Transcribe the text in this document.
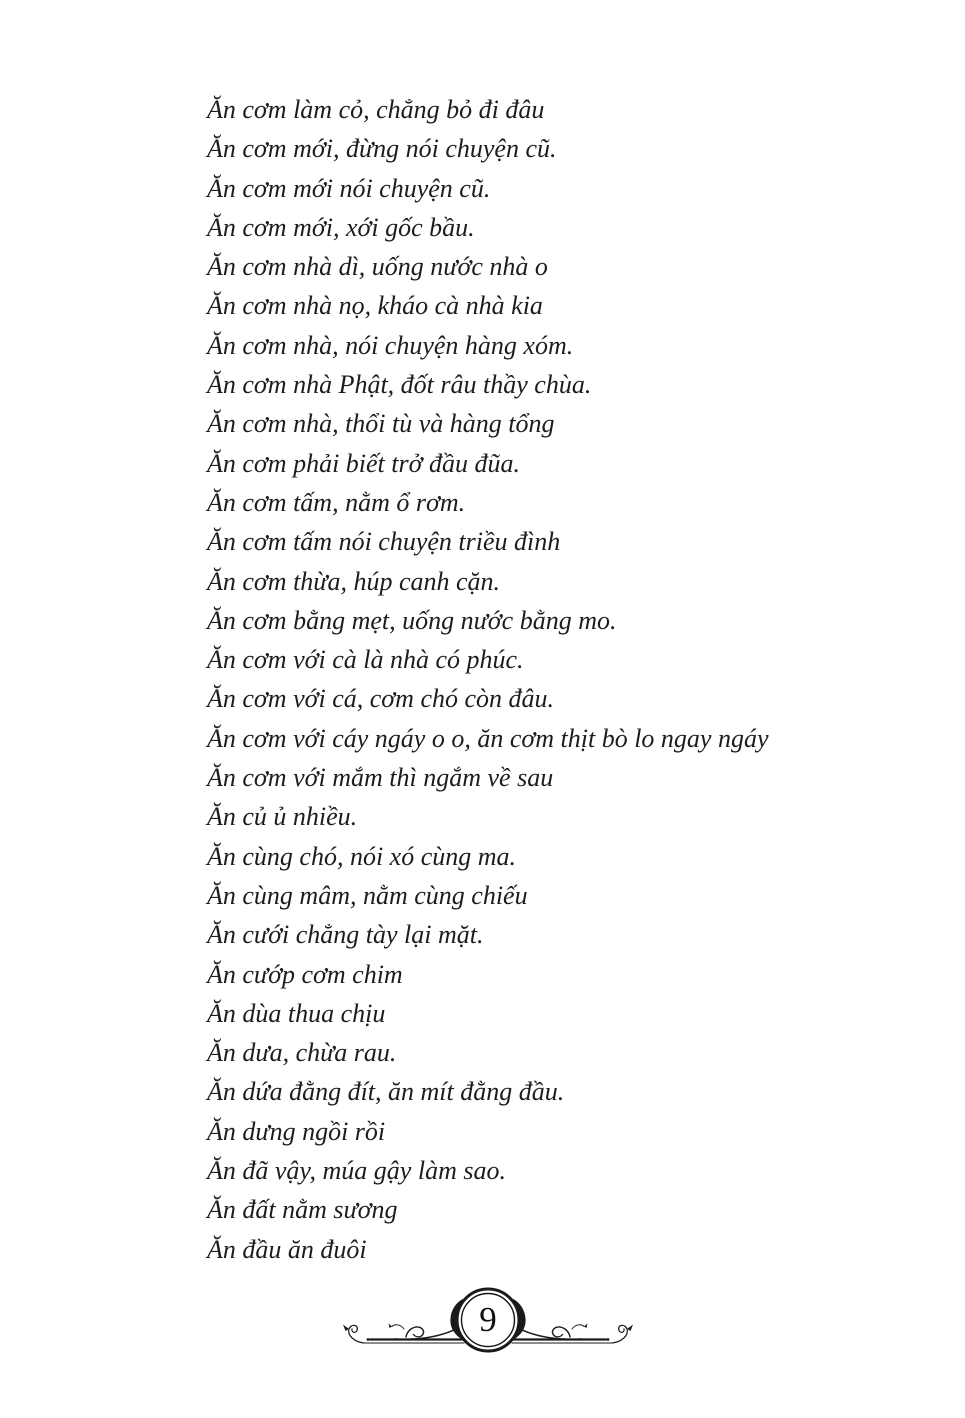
Ăn cơm làm cỏ, chẳng bỏ đi đâu
Ăn cơm mới, đừng nói chuyện cũ.
Ăn cơm mới nói chuyện cũ.
Ăn cơm mới, xới gốc bầu.
Ăn cơm nhà dì, uống nước nhà o
Ăn cơm nhà nọ, kháo cà nhà kia
Ăn cơm nhà, nói chuyện hàng xóm.
Ăn cơm nhà Phật, đốt râu thầy chùa.
Ăn cơm nhà, thổi tù và hàng tổng
Ăn cơm phải biết trở đầu đũa.
Ăn cơm tấm, nằm ổ rơm.
Ăn cơm tấm nói chuyện triều đình
Ăn cơm thừa, húp canh cặn.
Ăn cơm bằng mẹt, uống nước bằng mo.
Ăn cơm với cà là nhà có phúc.
Ăn cơm với cá, cơm chó còn đâu.
Ăn cơm với cáy ngáy o o, ăn cơm thịt bò lo ngay ngáy
Ăn cơm với mắm thì ngắm về sau
Ăn củ ủ nhiều.
Ăn cùng chó, nói xó cùng ma.
Ăn cùng mâm, nằm cùng chiếu
Ăn cưới chẳng tày lại mặt.
Ăn cướp cơm chim
Ăn dùa thua chịu
Ăn dưa, chừa rau.
Ăn dứa đằng đít, ăn mít đằng đầu.
Ăn dưng ngồi rồi
Ăn đã vậy, múa gậy làm sao.
Ăn đất nằm sương
Ăn đầu ăn đuôi
9
